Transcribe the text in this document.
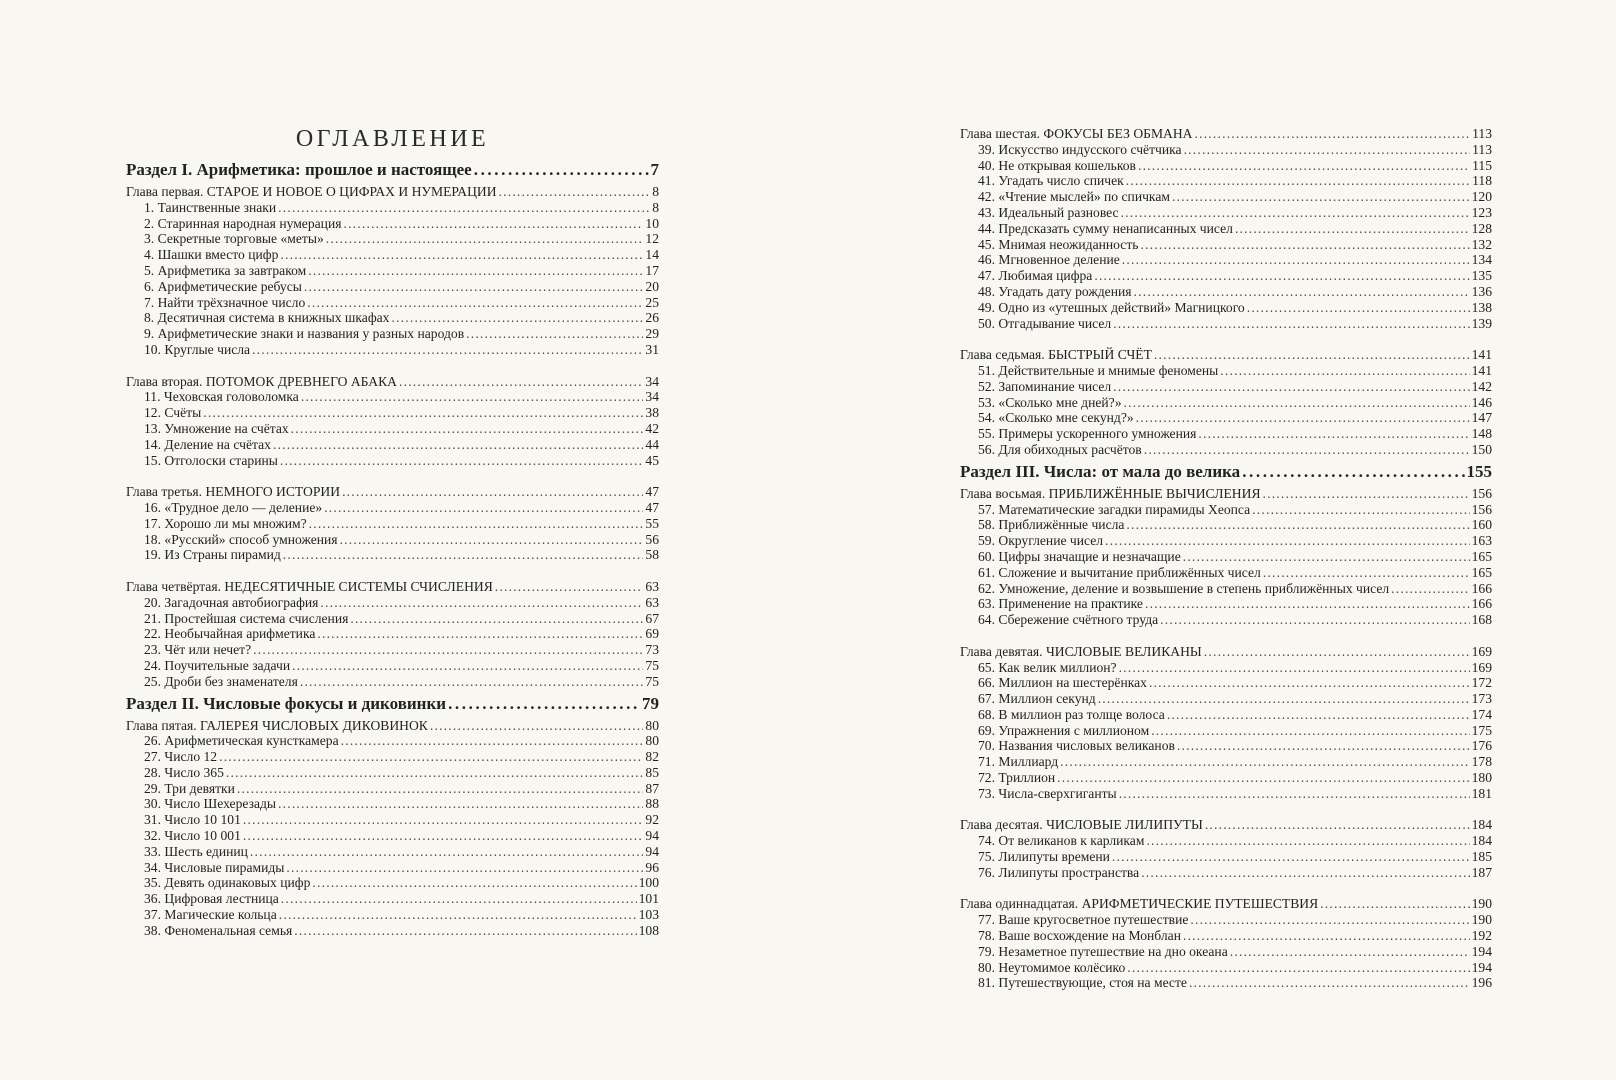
ОГЛАВЛЕНИЕ
Раздел I. Арифметика: прошлое и настоящее .....	7
Глава первая. СТАРОЕ И НОВОЕ О ЦИФРАХ И НУМЕРАЦИИ .....	8
1. Таинственные знаки .....	8
2. Старинная народная нумерация .....	10
3. Секретные торговые «меты» .....	12
4. Шашки вместо цифр .....	14
5. Арифметика за завтраком .....	17
6. Арифметические ребусы .....	20
7. Найти трёхзначное число .....	25
8. Десятичная система в книжных шкафах .....	26
9. Арифметические знаки и названия у разных народов .....	29
10. Круглые числа .....	31
Глава вторая. ПОТОМОК ДРЕВНЕГО АБАКА .....	34
11. Чеховская головоломка .....	34
12. Счёты .....	38
13. Умножение на счётах .....	42
14. Деление на счётах .....	44
15. Отголоски старины .....	45
Глава третья. НЕМНОГО ИСТОРИИ .....	47
16. «Трудное дело — деление» .....	47
17. Хорошо ли мы множим? .....	55
18. «Русский» способ умножения .....	56
19. Из Страны пирамид .....	58
Глава четвёртая. НЕДЕСЯТИЧНЫЕ СИСТЕМЫ СЧИСЛЕНИЯ .....	63
20. Загадочная автобиография .....	63
21. Простейшая система счисления .....	67
22. Необычайная арифметика .....	69
23. Чёт или нечет? .....	73
24. Поучительные задачи .....	75
25. Дроби без знаменателя .....	75
Раздел II. Числовые фокусы и диковинки .....	79
Глава пятая. ГАЛЕРЕЯ ЧИСЛОВЫХ ДИКОВИНОК .....	80
26. Арифметическая кунсткамера .....	80
27. Число 12 .....	82
28. Число 365 .....	85
29. Три девятки .....	87
30. Число Шехерезады .....	88
31. Число 10 101 .....	92
32. Число 10 001 .....	94
33. Шесть единиц .....	94
34. Числовые пирамиды .....	96
35. Девять одинаковых цифр .....	100
36. Цифровая лестница .....	101
37. Магические кольца .....	103
38. Феноменальная семья .....	108
Глава шестая. ФОКУСЫ БЕЗ ОБМАНА .....	113
39. Искусство индусского счётчика .....	113
40. Не открывая кошельков .....	115
41. Угадать число спичек .....	118
42. «Чтение мыслей» по спичкам .....	120
43. Идеальный разновес .....	123
44. Предсказать сумму ненаписанных чисел .....	128
45. Мнимая неожиданность .....	132
46. Мгновенное деление .....	134
47. Любимая цифра .....	135
48. Угадать дату рождения .....	136
49. Одно из «утешных действий» Магницкого .....	138
50. Отгадывание чисел .....	139
Глава седьмая. БЫСТРЫЙ СЧЁТ .....	141
51. Действительные и мнимые феномены .....	141
52. Запоминание чисел .....	142
53. «Сколько мне дней?» .....	146
54. «Сколько мне секунд?» .....	147
55. Примеры ускоренного умножения .....	148
56. Для обиходных расчётов .....	150
Раздел III. Числа: от мала до велика .....	155
Глава восьмая. ПРИБЛИЖЁННЫЕ ВЫЧИСЛЕНИЯ .....	156
57. Математические загадки пирамиды Хеопса .....	156
58. Приближённые числа .....	160
59. Округление чисел .....	163
60. Цифры значащие и незначащие .....	165
61. Сложение и вычитание приближённых чисел .....	165
62. Умножение, деление и возвышение в степень приближённых чисел .....	166
63. Применение на практике .....	166
64. Сбережение счётного труда .....	168
Глава девятая. ЧИСЛОВЫЕ ВЕЛИКАНЫ .....	169
65. Как велик миллион? .....	169
66. Миллион на шестерёнках .....	172
67. Миллион секунд .....	173
68. В миллион раз толще волоса .....	174
69. Упражнения с миллионом .....	175
70. Названия числовых великанов .....	176
71. Миллиард .....	178
72. Триллион .....	180
73. Числа-сверхгиганты .....	181
Глава десятая. ЧИСЛОВЫЕ ЛИЛИПУТЫ .....	184
74. От великанов к карликам .....	184
75. Лилипуты времени .....	185
76. Лилипуты пространства .....	187
Глава одиннадцатая. АРИФМЕТИЧЕСКИЕ ПУТЕШЕСТВИЯ .....	190
77. Ваше кругосветное путешествие .....	190
78. Ваше восхождение на Монблан .....	192
79. Незаметное путешествие на дно океана .....	194
80. Неутомимое колёсико .....	194
81. Путешествующие, стоя на месте .....	196
